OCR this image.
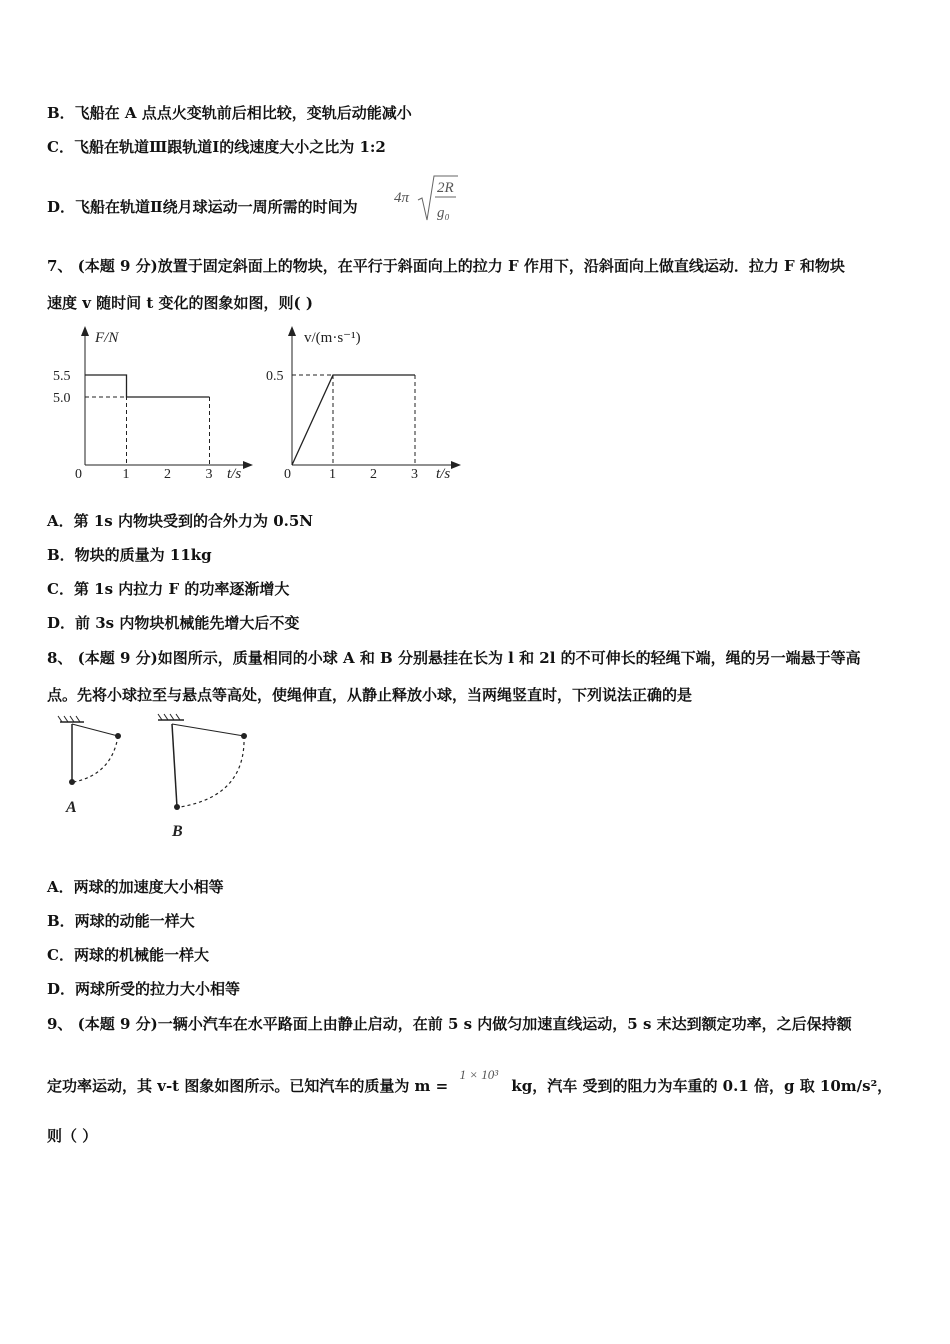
B．飞船在 A 点点火变轨前后相比较，变轨后动能减小
C．飞船在轨道Ⅲ跟轨道Ⅰ的线速度大小之比为 1:2
D．飞船在轨道Ⅱ绕月球运动一周所需的时间为 4π
2R
g₀
7、 (本题 9 分)放置于固定斜面上的物块，在平行于斜面向上的拉力 F 作用下，沿斜面向上做直线运动．拉力 F 和物块
速度 v 随时间 t 变化的图象如图，则( )
F/N
t/s
0	1 2 3
5.0
5.5
v/(m·s⁻¹)
t/s
0	1 2 3
0.5
A．第 1s 内物块受到的合外力为 0.5N
B．物块的质量为 11kg
C．第 1s 内拉力 F 的功率逐渐增大
D．前 3s 内物块机械能先增大后不变
8、 (本题 9 分)如图所示，质量相同的小球 A 和 B 分别悬挂在长为 l 和 2l 的不可伸长的轻绳下端，绳的另一端悬于等高
点。先将小球拉至与悬点等高处，使绳伸直，从静止释放小球，当两绳竖直时，下列说法正确的是
A
B
A．两球的加速度大小相等
B．两球的动能一样大
C．两球的机械能一样大
D．两球所受的拉力大小相等
9、 (本题 9 分)一辆小汽车在水平路面上由静止启动，在前 5 s 内做匀加速直线运动，5 s 末达到额定功率，之后保持额
定功率运动，其 v-t 图象如图所示。已知汽车的质量为 m = 1 × 10³ kg，汽车 受到的阻力为车重的 0.1 倍，g 取 10m/s²，
则（ ）
